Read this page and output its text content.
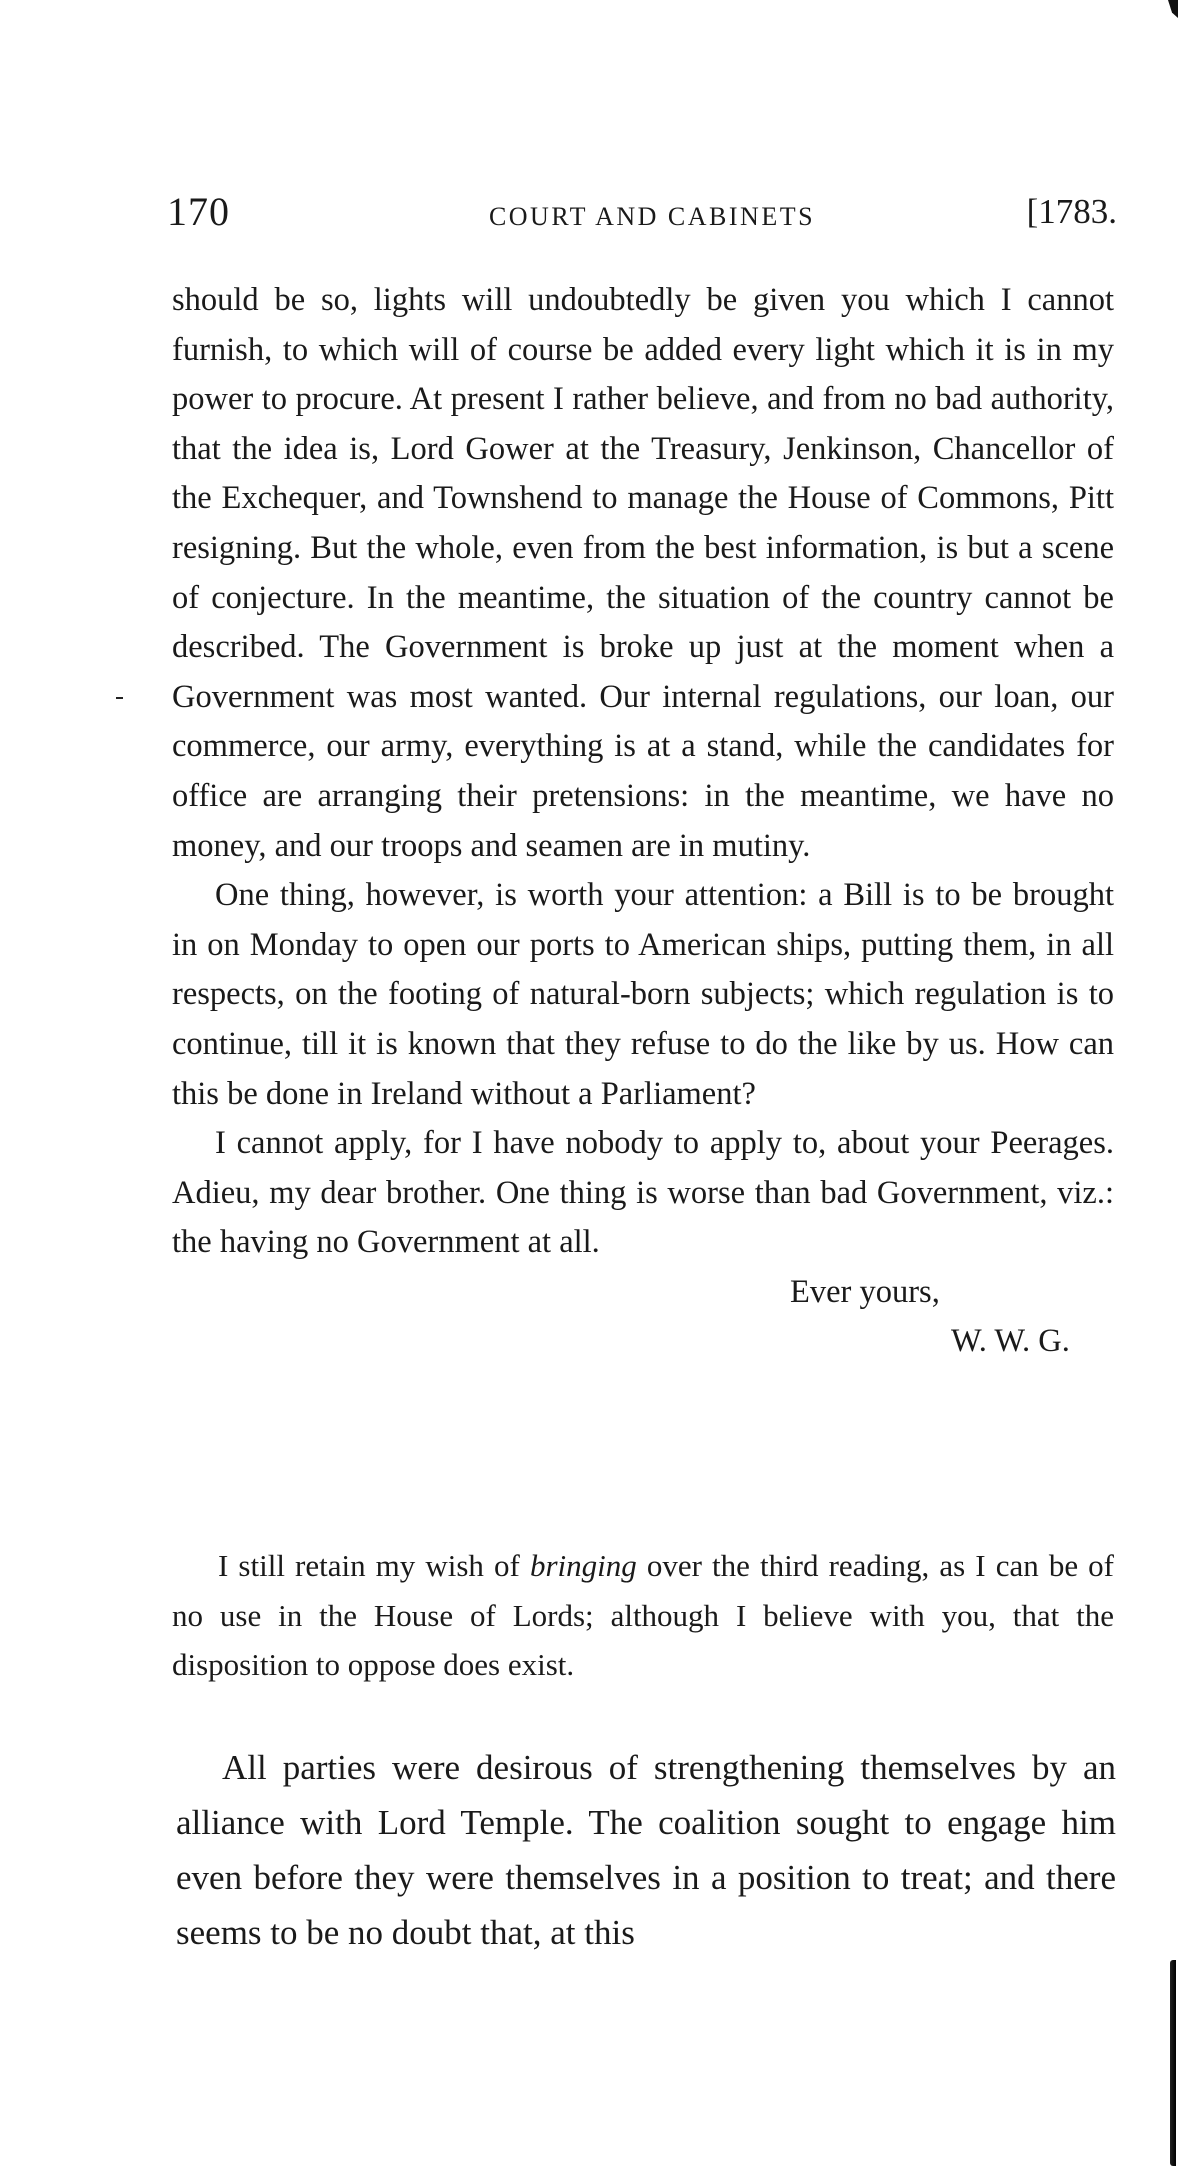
170	COURT AND CABINETS	[1783.

should be so, lights will undoubtedly be given you which I cannot furnish, to which will of course be added every light which it is in my power to procure. At present I rather believe, and from no bad authority, that the idea is, Lord Gower at the Treasury, Jenkinson, Chancellor of the Exchequer, and Townshend to manage the House of Commons, Pitt resigning. But the whole, even from the best information, is but a scene of conjecture. In the meantime, the situation of the country cannot be described. The Government is broke up just at the moment when a Government was most wanted. Our internal regulations, our loan, our commerce, our army, everything is at a stand, while the candidates for office are arranging their pretensions: in the meantime, we have no money, and our troops and seamen are in mutiny.

One thing, however, is worth your attention: a Bill is to be brought in on Monday to open our ports to American ships, putting them, in all respects, on the footing of natural-born subjects; which regulation is to continue, till it is known that they refuse to do the like by us. How can this be done in Ireland without a Parliament?

I cannot apply, for I have nobody to apply to, about your Peerages. Adieu, my dear brother. One thing is worse than bad Government, viz.: the having no Government at all.

Ever yours,
W. W. G.

I still retain my wish of bringing over the third reading, as I can be of no use in the House of Lords; although I believe with you, that the disposition to oppose does exist.

All parties were desirous of strengthening themselves by an alliance with Lord Temple. The coalition sought to engage him even before they were themselves in a position to treat; and there seems to be no doubt that, at this
